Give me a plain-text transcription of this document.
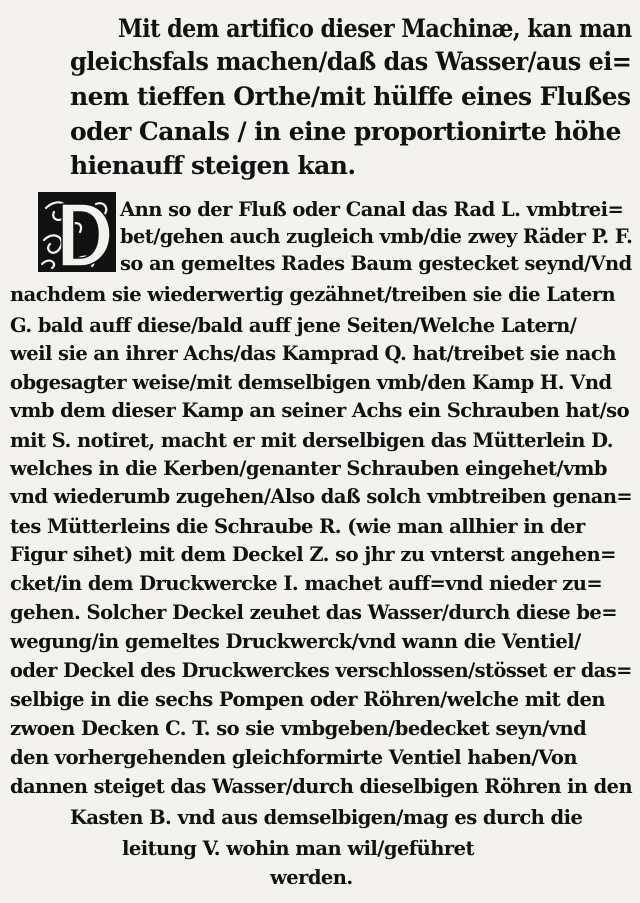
Mit dem artifico dieser Machinæ, kan man
gleichsfals machen/daß das Wasser/aus ei=
nem tieffen Orthe/mit hülffe eines Flußes
oder Canals / in eine proportionirte höhe
hienauff steigen kan.
Ann so der Fluß oder Canal das Rad L. vmbtrei=
bet/gehen auch zugleich vmb/die zwey Räder P. F.
so an gemeltes Rades Baum gestecket seynd/Vnd
nachdem sie wiederwertig gezähnet/treiben sie die Latern
G. bald auff diese/bald auff jene Seiten/Welche Latern/
weil sie an ihrer Achs/das Kamprad Q. hat/treibet sie nach
obgesagter weise/mit demselbigen vmb/den Kamp H. Vnd
vmb dem dieser Kamp an seiner Achs ein Schrauben hat/so
mit S. notiret, macht er mit derselbigen das Mütterlein D.
welches in die Kerben/genanter Schrauben eingehet/vmb
vnd wiederumb zugehen/Also daß solch vmbtreiben genan=
tes Mütterleins die Schraube R. (wie man allhier in der
Figur sihet) mit dem Deckel Z. so jhr zu vnterst angehen=
cket/in dem Druckwercke I. machet auff=vnd nieder zu=
gehen. Solcher Deckel zeuhet das Wasser/durch diese be=
wegung/in gemeltes Druckwerck/vnd wann die Ventiel/
oder Deckel des Druckwerckes verschlossen/stösset er das=
selbige in die sechs Pompen oder Röhren/welche mit den
zwoen Decken C. T. so sie vmbgeben/bedecket seyn/vnd
den vorhergehenden gleichformirte Ventiel haben/Von
dannen steiget das Wasser/durch dieselbigen Röhren in den
Kasten B. vnd aus demselbigen/mag es durch die
leitung V. wohin man wil/geführet
werden.
